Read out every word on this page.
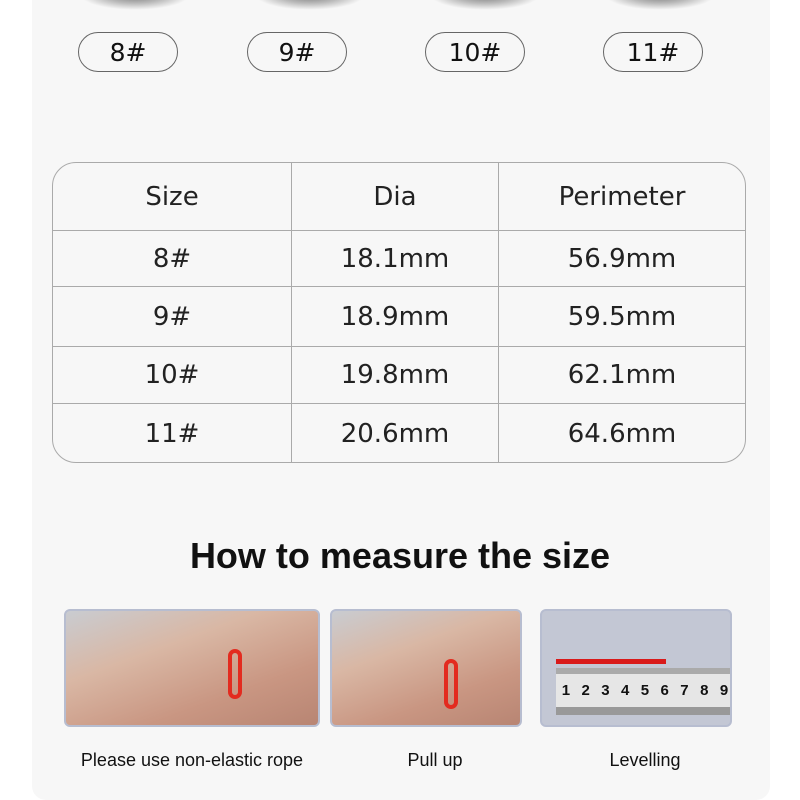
8#	9#	10#	11#
Size	Dia	Perimeter
8#	18.1mm	56.9mm
9#	18.9mm	59.5mm
10#	19.8mm	62.1mm
11#	20.6mm	64.6mm
How to measure the size
1 2 3 4 5 6 7 8 9
Please use non-elastic rope	Pull up	Levelling
